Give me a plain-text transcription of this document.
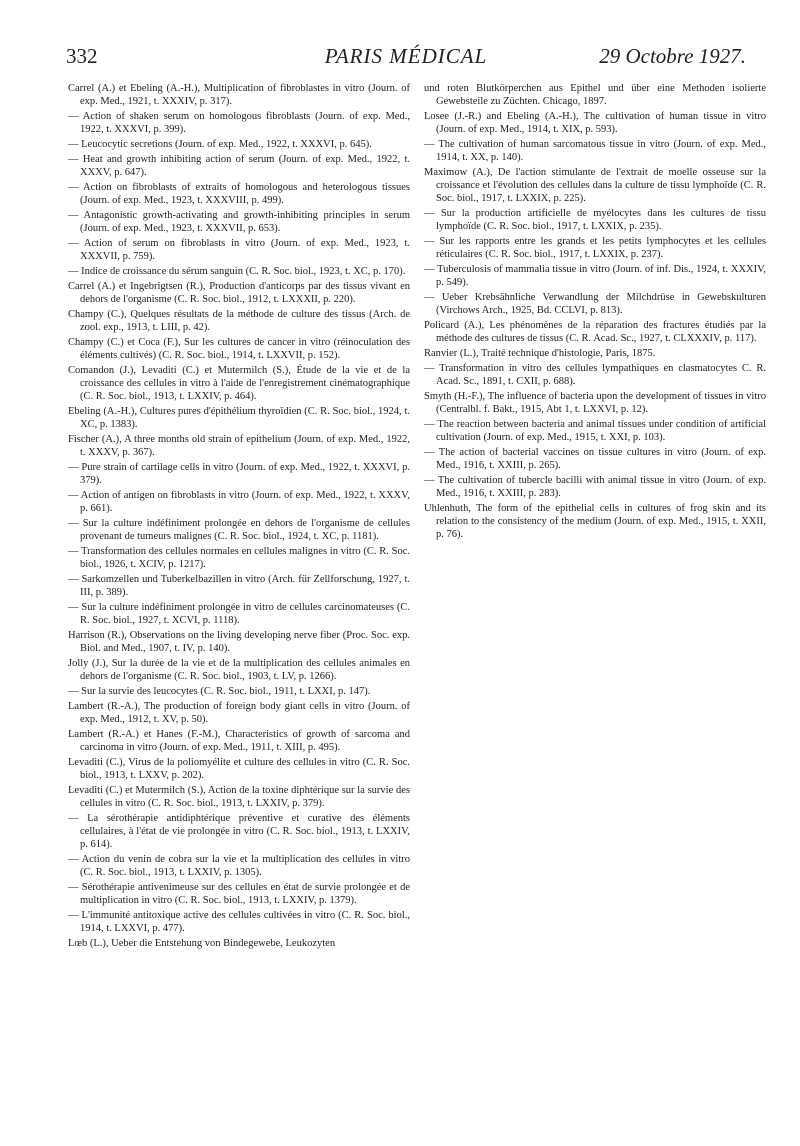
332	PARIS MÉDICAL	29 Octobre 1927.

Carrel (A.) et Ebeling (A.-H.), Multiplication of fibroblastes in vitro (Journ. of exp. Med., 1921, t. XXXIV, p. 317).

— Action of shaken serum on homologous fibroblasts (Journ. of exp. Med., 1922, t. XXXVI, p. 399).

— Leucocytic secretions (Journ. of exp. Med., 1922, t. XXXVI, p. 645).

— Heat and growth inhibiting action of serum (Journ. of exp. Med., 1922, t. XXXV, p. 647).

— Action on fibroblasts of extraits of homologous and heterologous tissues (Journ. of exp. Med., 1923, t. XXXVIII, p. 499).

— Antagonistic growth-activating and growth-inhibiting principles in serum (Journ. of exp. Med., 1923, t. XXXVII, p. 653).

— Action of serum on fibroblasts in vitro (Journ. of exp. Med., 1923, t. XXXVII, p. 759).

— Indice de croissance du sérum sanguin (C. R. Soc. biol., 1923, t. XC, p. 170).

Carrel (A.) et Ingebrigtsen (R.), Production d'anticorps par des tissus vivant en dehors de l'organisme (C. R. Soc. biol., 1912, t. LXXXII, p. 220).

Champy (C.), Quelques résultats de la méthode de culture des tissus (Arch. de zool. exp., 1913, t. LIII, p. 42).

Champy (C.) et Coca (F.), Sur les cultures de cancer in vitro (réinoculation des éléments cultivés) (C. R. Soc. biol., 1914, t. LXXVII, p. 152).

Comandon (J.), Levaditi (C.) et Mutermilch (S.), Étude de la vie et de la croissance des cellules in vitro à l'aide de l'enregistrement cinématographique (C. R. Soc. biol., 1913, t. LXXIV, p. 464).

Ebeling (A.-H.), Cultures pures d'épithélium thyroïdien (C. R. Soc. biol., 1924, t. XC, p. 1383).

Fischer (A.), A three months old strain of epithelium (Journ. of exp. Med., 1922, t. XXXV, p. 367).

— Pure strain of cartilage cells in vitro (Journ. of exp. Med., 1922, t. XXXVI, p. 379).

— Action of antigen on fibroblasts in vitro (Journ. of exp. Med., 1922, t. XXXV, p. 661).

— Sur la culture indéfiniment prolongée en dehors de l'organisme de cellules provenant de tumeurs malignes (C. R. Soc. biol., 1924, t. XC, p. 1181).

— Transformation des cellules normales en cellules malignes in vitro (C. R. Soc. biol., 1926, t. XCIV, p. 1217).

— Sarkomzellen und Tuberkelbazillen in vitro (Arch. für Zellforschung, 1927, t. III, p. 389).

— Sur la culture indéfiniment prolongée in vitro de cellules carcinomateuses (C. R. Soc. biol., 1927, t. XCVI, p. 1118).

Harrison (R.), Observations on the living developing nerve fiber (Proc. Soc. exp. Biol. and Med., 1907, t. IV, p. 140).

Jolly (J.), Sur la durée de la vie et de la multiplication des cellules animales en dehors de l'organisme (C. R. Soc. biol., 1903, t. LV, p. 1266).

— Sur la survie des leucocytes (C. R. Soc. biol., 1911, t. LXXI, p. 147).

Lambert (R.-A.), The production of foreign body giant cells in vitro (Journ. of exp. Med., 1912, t. XV, p. 50).

Lambert (R.-A.) et Hanes (F.-M.), Characteristics of growth of sarcoma and carcinoma in vitro (Journ. of exp. Med., 1911, t. XIII, p. 495).

Levaditi (C.), Virus de la poliomyélite et culture des cellules in vitro (C. R. Soc. biol., 1913, t. LXXV, p. 202).

Levaditi (C.) et Mutermilch (S.), Action de la toxine diphtérique sur la survie des cellules in vitro (C. R. Soc. biol., 1913, t. LXXIV, p. 379).

— La sérothérapie antidiphtérique préventive et curative des éléments cellulaires, à l'état de vie prolongée in vitro (C. R. Soc. biol., 1913, t. LXXIV, p. 614).

— Action du venin de cobra sur la vie et la multiplication des cellules in vitro (C. R. Soc. biol., 1913, t. LXXIV, p. 1305).

— Sérothérapie antivenimeuse sur des cellules en état de survie prolongée et de multiplication in vitro (C. R. Soc. biol., 1913, t. LXXIV, p. 1379).

— L'immunité antitoxique active des cellules cultivées in vitro (C. R. Soc. biol., 1914, t. LXXVI, p. 477).

Lœb (L.), Ueber die Entstehung von Bindegewebe, Leukozyten

und roten Blutkörperchen aus Epithel und über eine Methoden isolierte Gewebsteile zu Züchten. Chicago, 1897.

Losee (J.-R.) and Ebeling (A.-H.), The cultivation of human tissue in vitro (Journ. of exp. Med., 1914, t. XIX, p. 593).

— The cultivation of human sarcomatous tissue in vitro (Journ. of exp. Med., 1914, t. XX, p. 140).

Maximow (A.), De l'action stimulante de l'extrait de moelle osseuse sur la croissance et l'évolution des cellules dans la culture de tissu lymphoïde (C. R. Soc. biol., 1917, t. LXXIX, p. 225).

— Sur la production artificielle de myélocytes dans les cultures de tissu lymphoïde (C. R. Soc. biol., 1917, t. LXXIX, p. 235).

— Sur les rapports entre les grands et les petits lymphocytes et les cellules réticulaires (C. R. Soc. biol., 1917, t. LXXIX, p. 237).

— Tuberculosis of mammalia tissue in vitro (Journ. of inf. Dis., 1924, t. XXXIV, p. 549).

— Ueber Krebsähnliche Verwandlung der Milchdrüse in Gewebskulturen (Virchows Arch., 1925, Bd. CCLVI, p. 813).

Policard (A.), Les phénomènes de la réparation des fractures étudiés par la méthode des cultures de tissus (C. R. Acad. Sc., 1927, t. CLXXXIV, p. 117).

Ranvier (L.), Traité technique d'histologie, Paris, 1875.

— Transformation in vitro des cellules lympathiques en clasmatocytes C. R. Acad. Sc., 1891, t. CXII, p. 688).

Smyth (H.-F.), The influence of bacteria upon the development of tissues in vitro (Centralbl. f. Bakt., 1915, Abt 1, t. LXXVI, p. 12).

— The reaction between bacteria and animal tissues under condition of artificial cultivation (Journ. of exp. Med., 1915, t. XXI, p. 103).

— The action of bacterial vaccines on tissue cultures in vitro (Journ. of exp. Med., 1916, t. XXIII, p. 265).

— The cultivation of tubercle bacilli with animal tissue in vitro (Journ. of exp. Med., 1916, t. XXIII, p. 283).

Uhlenhuth, The form of the epithelial cells in cultures of frog skin and its relation to the consistency of the medium (Journ. of exp. Med., 1915, t. XXII, p. 76).
